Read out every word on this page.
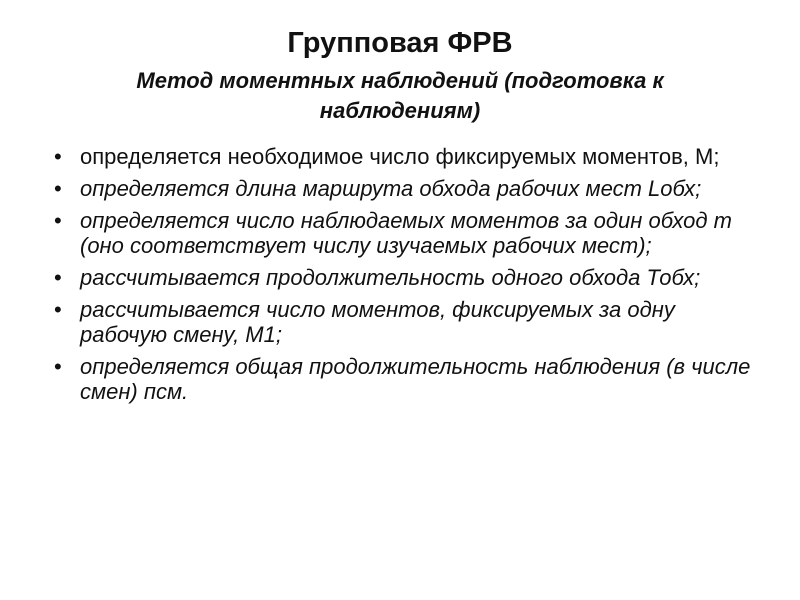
Групповая ФРВ
Метод моментных наблюдений (подготовка к наблюдениям)
• определяется необходимое число фиксируемых моментов, М;
• определяется длина маршрута обхода рабочих мест Lобх;
• определяется число наблюдаемых моментов за один обход m (оно соответствует числу изучаемых рабочих мест);
• рассчитывается продолжительность одного обхода Тобх;
• рассчитывается число моментов, фиксируемых за одну рабочую смену, М1;
• определяется общая продолжительность наблюдения (в числе смен) псм.
